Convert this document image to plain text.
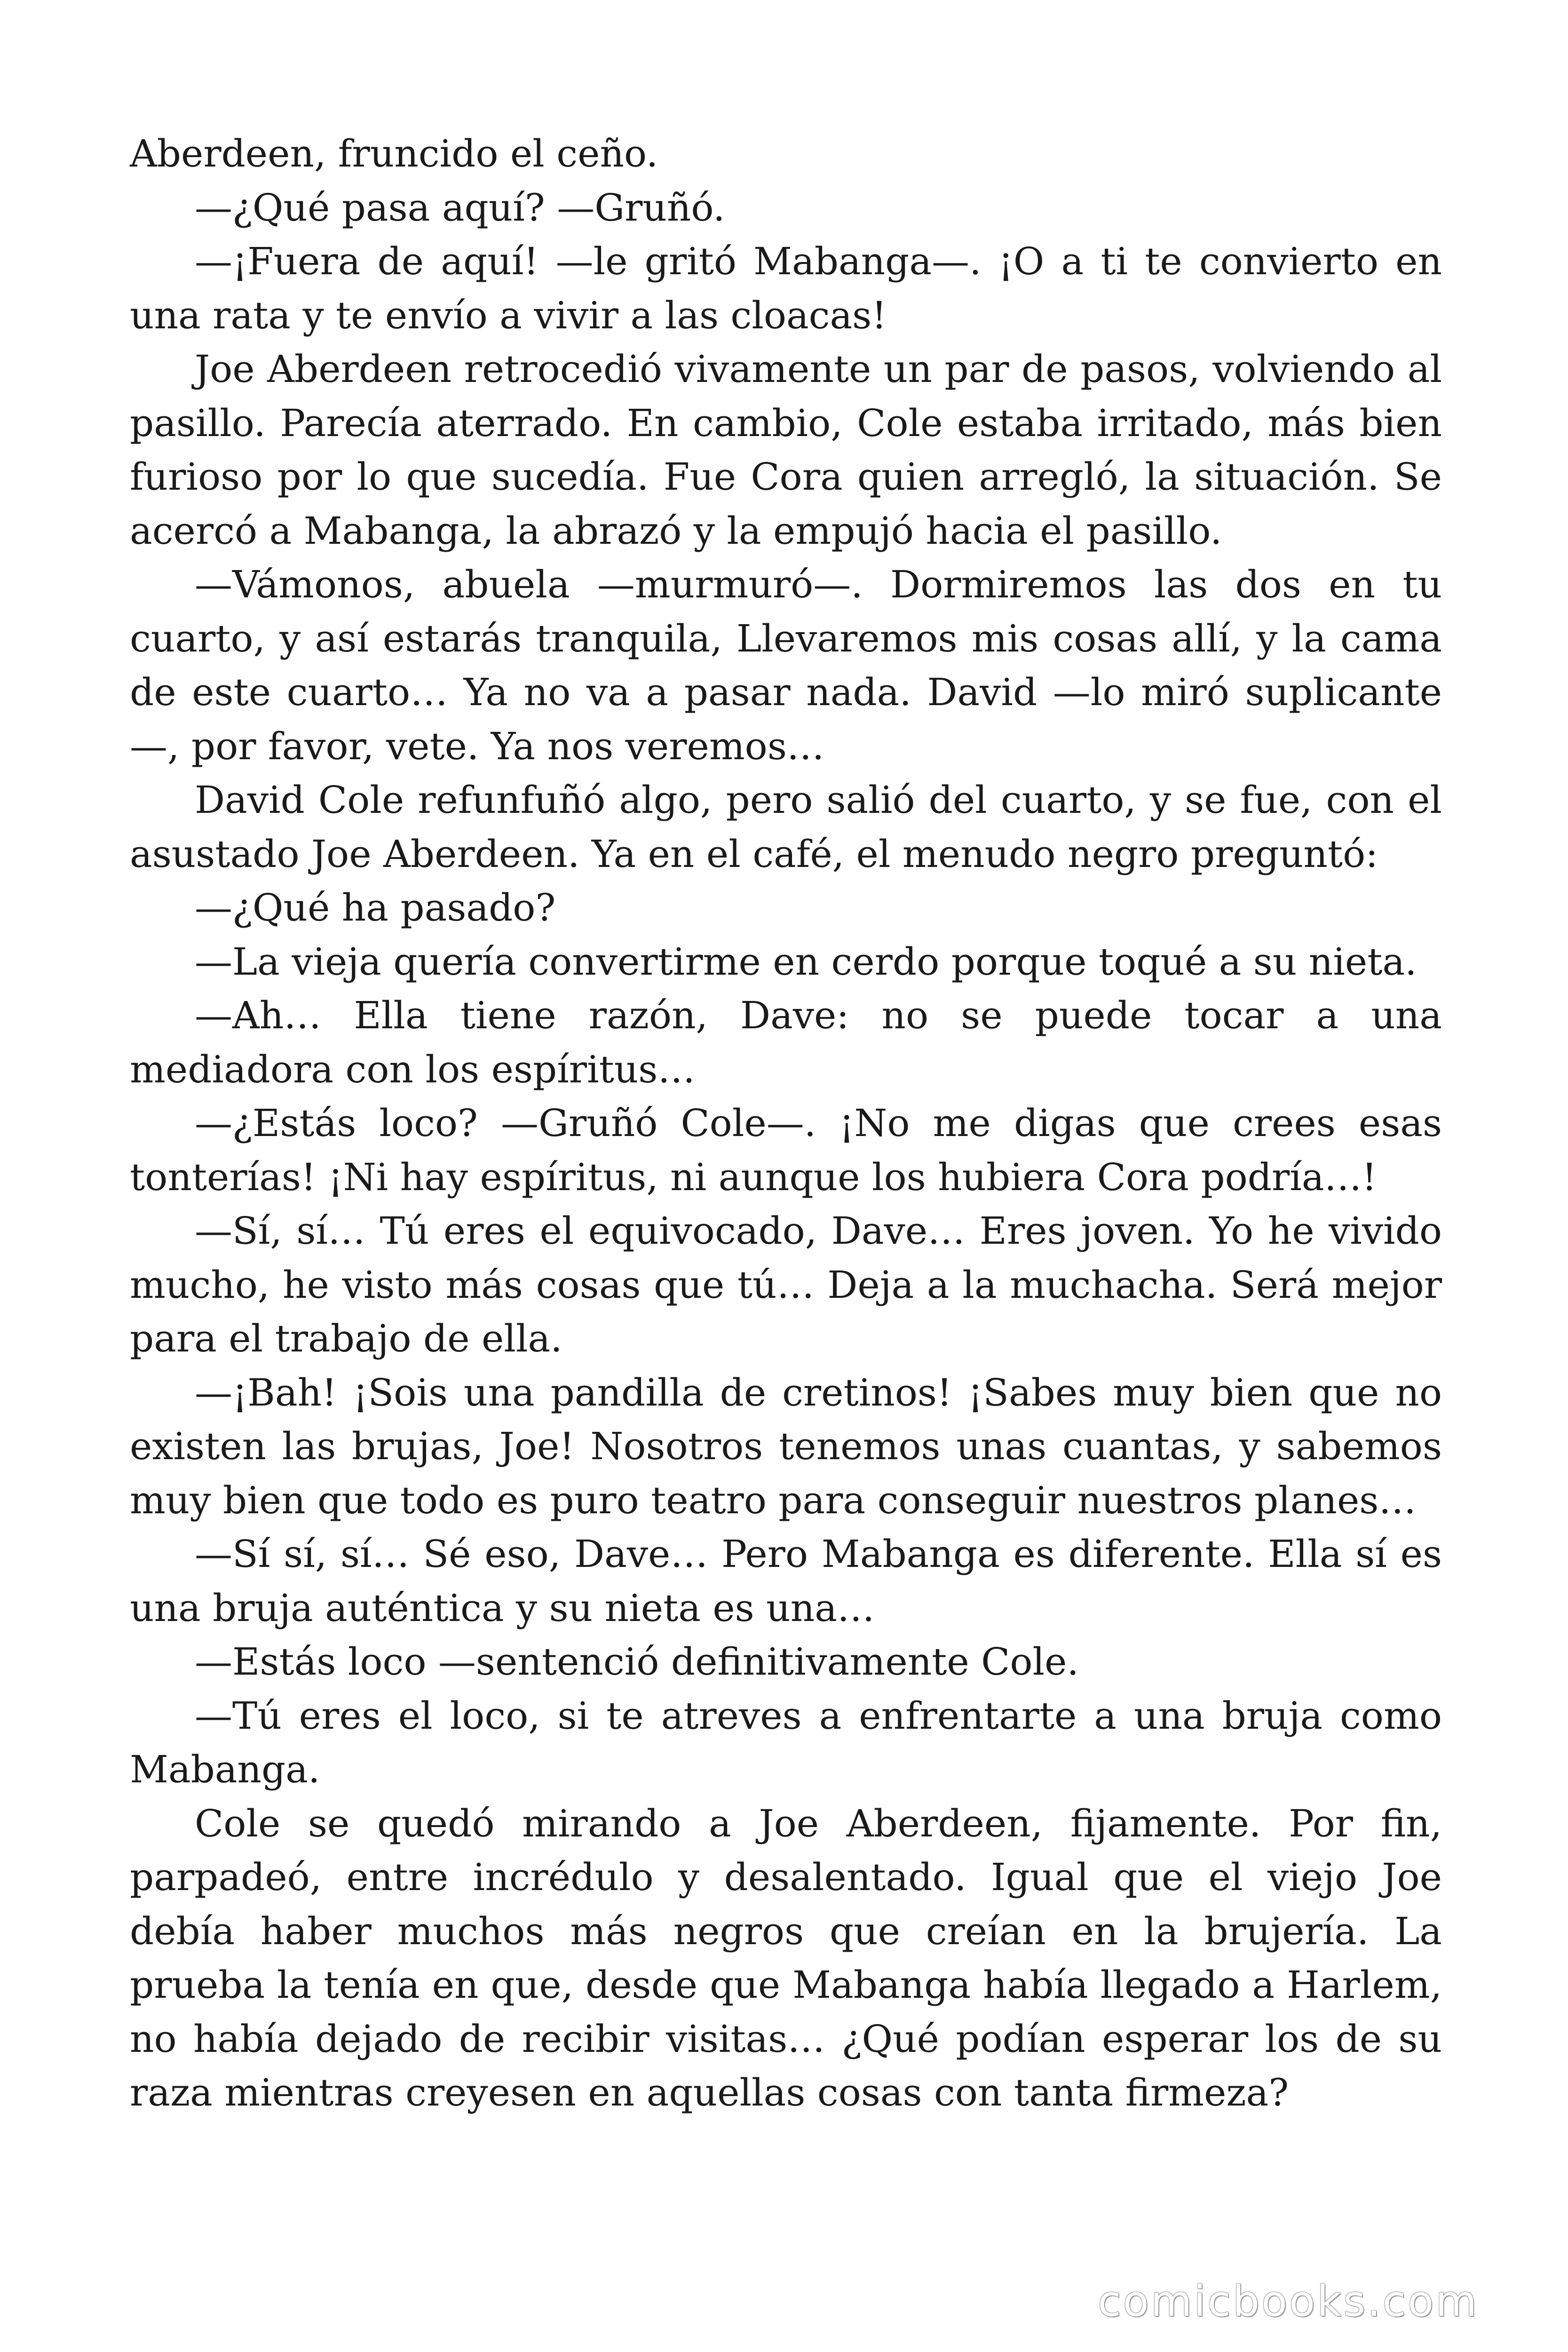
Aberdeen, fruncido el ceño.

—¿Qué pasa aquí? —Gruñó.

—¡Fuera de aquí! —le gritó Mabanga—. ¡O a ti te convierto en una rata y te envío a vivir a las cloacas!

Joe Aberdeen retrocedió vivamente un par de pasos, volviendo al pasillo. Parecía aterrado. En cambio, Cole estaba irritado, más bien furioso por lo que sucedía. Fue Cora quien arregló, la situación. Se acercó a Mabanga, la abrazó y la empujó hacia el pasillo.

—Vámonos, abuela —murmuró—. Dormiremos las dos en tu cuarto, y así estarás tranquila, Llevaremos mis cosas allí, y la cama de este cuarto… Ya no va a pasar nada. David —lo miró suplicante —, por favor, vete. Ya nos veremos…

David Cole refunfuñó algo, pero salió del cuarto, y se fue, con el asustado Joe Aberdeen. Ya en el café, el menudo negro preguntó:

—¿Qué ha pasado?

—La vieja quería convertirme en cerdo porque toqué a su nieta.

—Ah… Ella tiene razón, Dave: no se puede tocar a una mediadora con los espíritus…

—¿Estás loco? —Gruñó Cole—. ¡No me digas que crees esas tonterías! ¡Ni hay espíritus, ni aunque los hubiera Cora podría…!

—Sí, sí… Tú eres el equivocado, Dave… Eres joven. Yo he vivido mucho, he visto más cosas que tú… Deja a la muchacha. Será mejor para el trabajo de ella.

—¡Bah! ¡Sois una pandilla de cretinos! ¡Sabes muy bien que no existen las brujas, Joe! Nosotros tenemos unas cuantas, y sabemos muy bien que todo es puro teatro para conseguir nuestros planes…

—Sí sí, sí… Sé eso, Dave… Pero Mabanga es diferente. Ella sí es una bruja auténtica y su nieta es una…

—Estás loco —sentenció definitivamente Cole.

—Tú eres el loco, si te atreves a enfrentarte a una bruja como Mabanga.

Cole se quedó mirando a Joe Aberdeen, fijamente. Por fin, parpadeó, entre incrédulo y desalentado. Igual que el viejo Joe debía haber muchos más negros que creían en la brujería. La prueba la tenía en que, desde que Mabanga había llegado a Harlem, no había dejado de recibir visitas… ¿Qué podían esperar los de su raza mientras creyesen en aquellas cosas con tanta firmeza?

comicbooks.com
